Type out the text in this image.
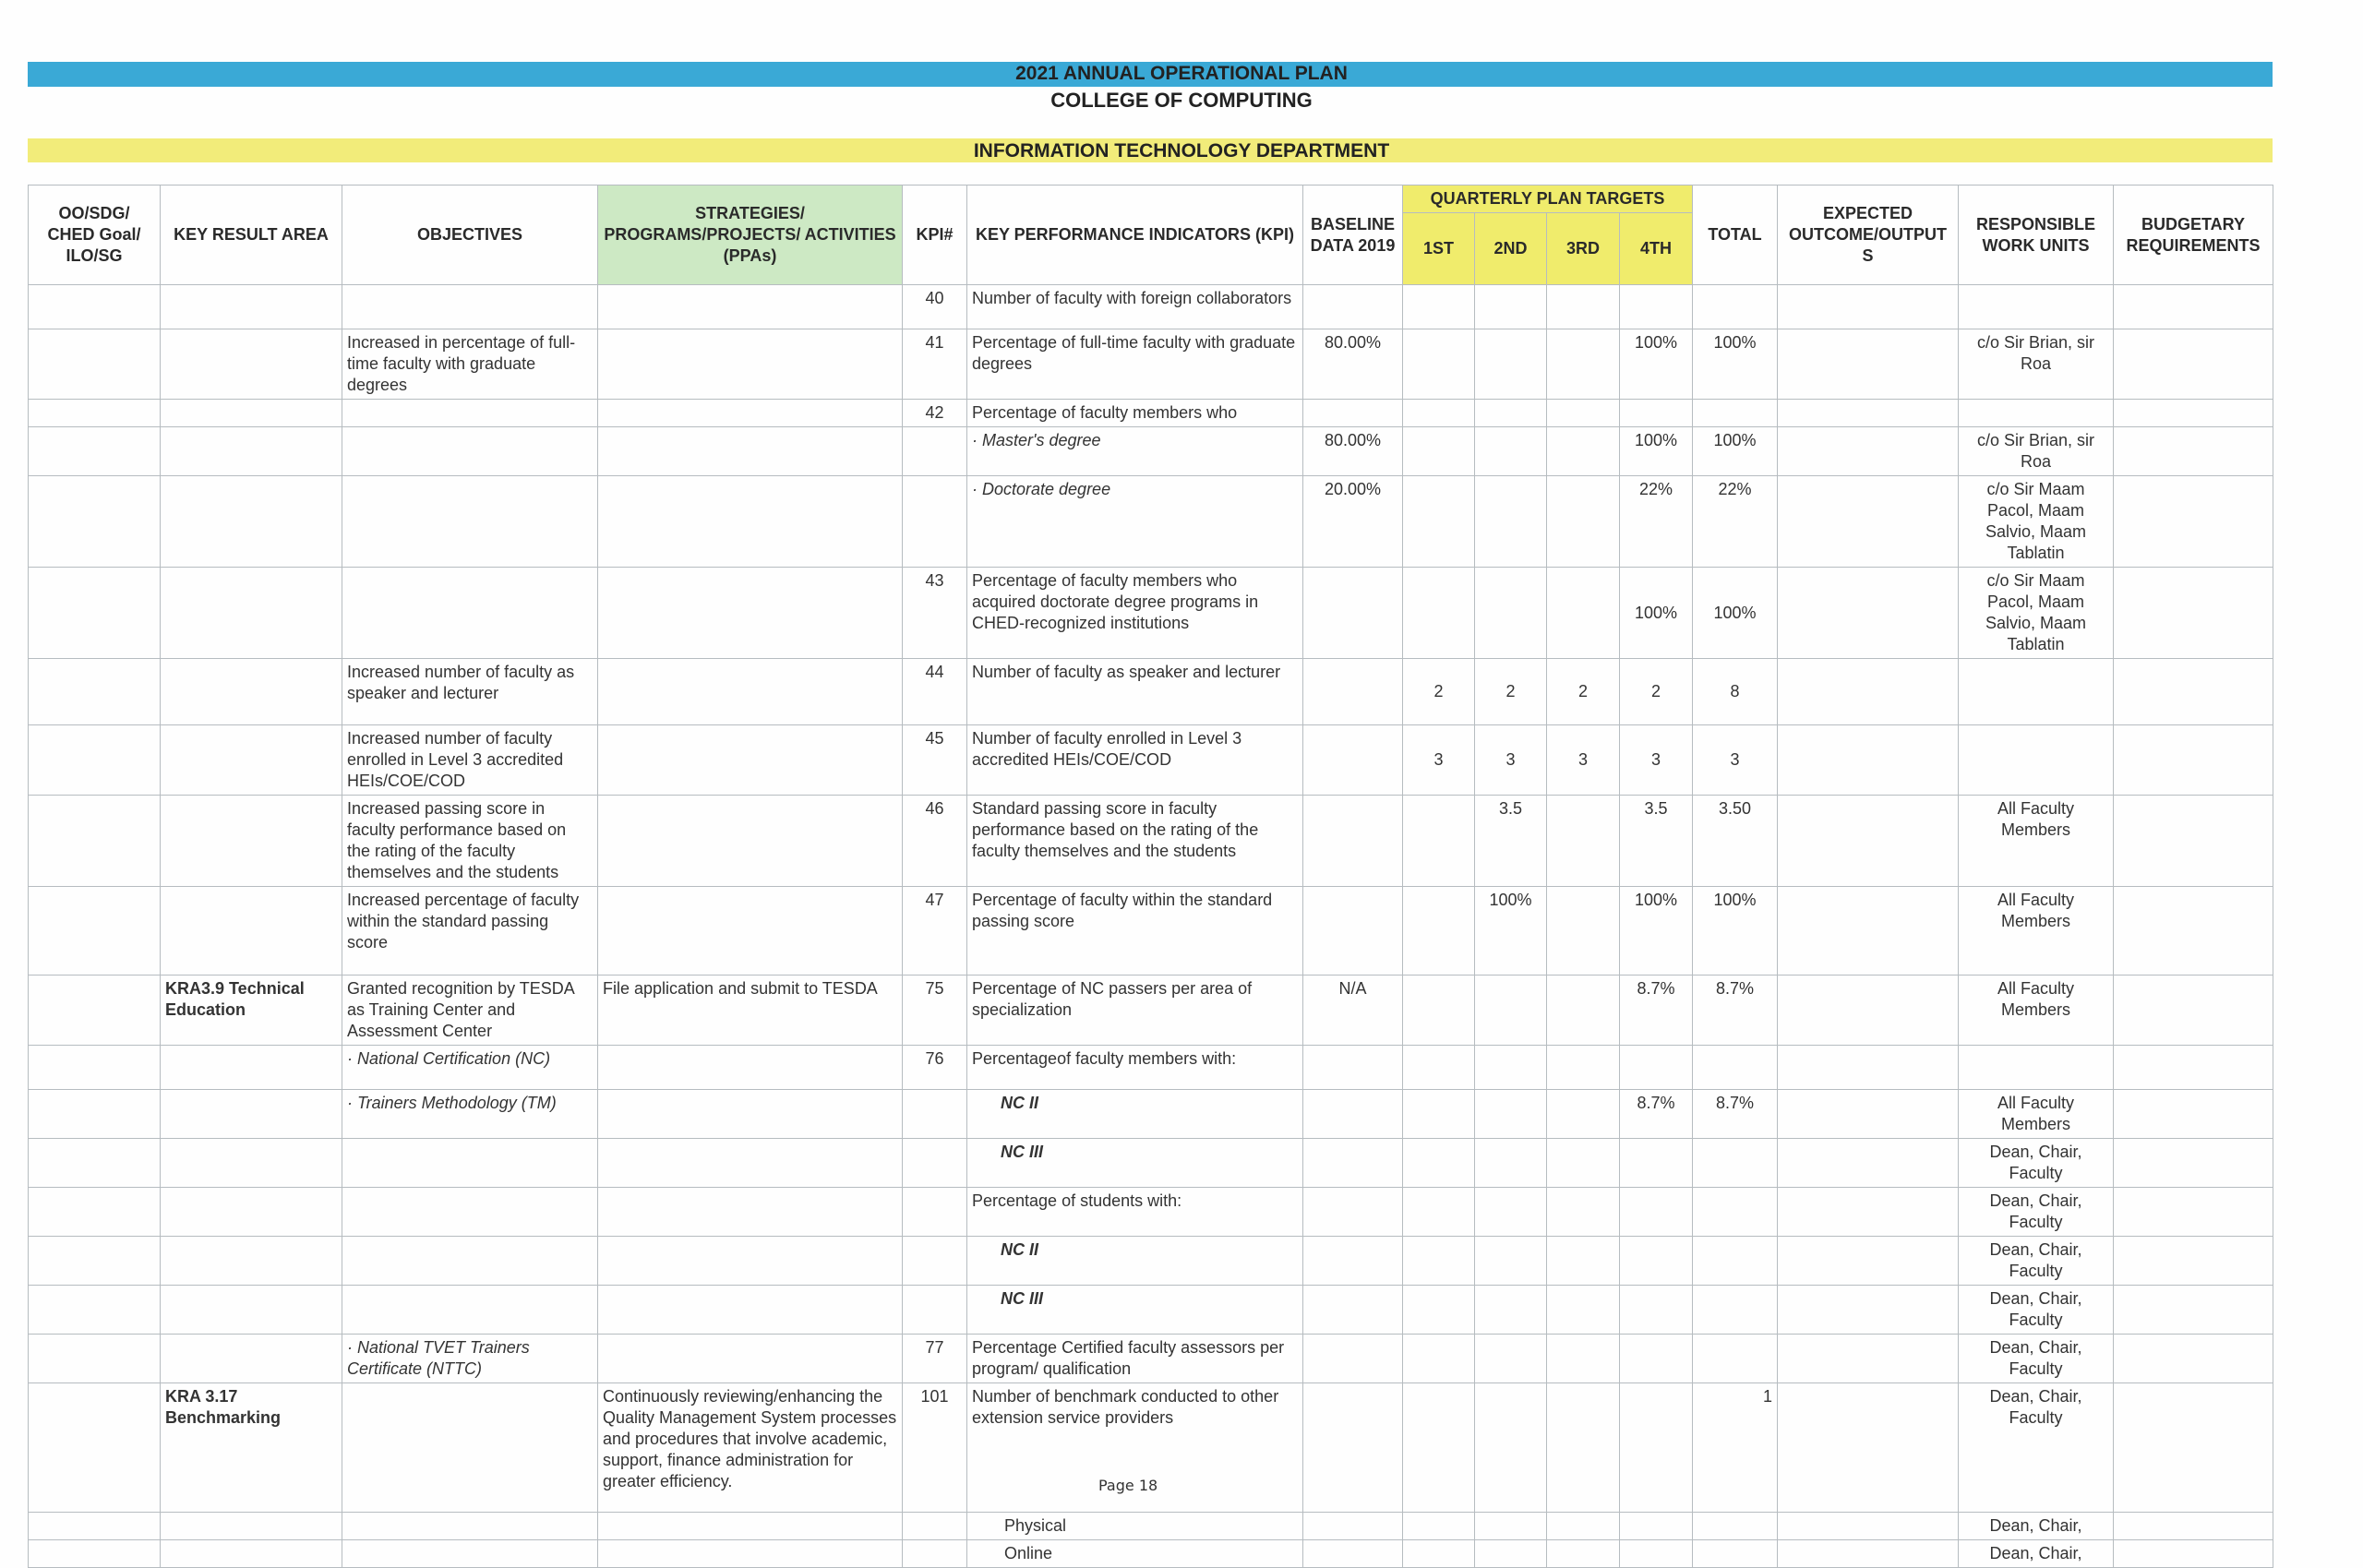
2021 ANNUAL OPERATIONAL PLAN
COLLEGE OF COMPUTING
INFORMATION TECHNOLOGY DEPARTMENT
OO/SDG/ CHED Goal/ ILO/SG	KEY RESULT AREA	OBJECTIVES	STRATEGIES/ PROGRAMS/PROJECTS/ ACTIVITIES (PPAs)	KPI#	KEY PERFORMANCE INDICATORS (KPI)	BASELINE DATA 2019	QUARTERLY PLAN TARGETS				TOTAL	EXPECTED OUTCOME/OUTPUT S	RESPONSIBLE WORK UNITS	BUDGETARY REQUIREMENTS
							1ST	2ND	3RD	4TH				
				40	Number of faculty with foreign collaborators									
		Increased in percentage of full-time faculty with graduate degrees		41	Percentage of full-time faculty with graduate degrees	80.00%				100%	100%		c/o Sir Brian, sir Roa	
				42	Percentage of faculty members who									
					· Master's degree	80.00%				100%	100%		c/o Sir Brian, sir Roa	
					· Doctorate degree	20.00%				22%	22%		c/o Sir Maam Pacol, Maam Salvio, Maam Tablatin	
				43	Percentage of faculty members who acquired doctorate degree programs in CHED-recognized institutions					100%	100%		c/o Sir Maam Pacol, Maam Salvio, Maam Tablatin	
		Increased number of faculty as speaker and lecturer		44	Number of faculty as speaker and lecturer		2	2	2	2	8			
		Increased number of faculty enrolled in Level 3 accredited HEIs/COE/COD		45	Number of faculty enrolled in Level 3 accredited HEIs/COE/COD		3	3	3	3	3			
		Increased passing score in faculty performance based on the rating of the faculty themselves and the students		46	Standard passing score in faculty performance based on the rating of the faculty themselves and the students			3.5		3.5	3.50		All Faculty Members	
		Increased percentage of faculty within the standard passing score		47	Percentage of faculty within the standard passing score			100%		100%	100%		All Faculty Members	
	KRA3.9 Technical Education	Granted recognition by TESDA as Training Center and Assessment Center	File application and submit to TESDA	75	Percentage of NC passers per area of specialization	N/A				8.7%	8.7%		All Faculty Members	
		· National Certification (NC)		76	Percentageof faculty members with:									
		· Trainers Methodology (TM)			NC II					8.7%	8.7%		All Faculty Members	
					NC III								Dean, Chair, Faculty	
					Percentage of students with:								Dean, Chair, Faculty	
					NC II								Dean, Chair, Faculty	
					NC III								Dean, Chair, Faculty	
		· National TVET Trainers Certificate (NTTC)		77	Percentage Certified faculty assessors per program/ qualification								Dean, Chair, Faculty	
	KRA 3.17 Benchmarking		Continuously reviewing/enhancing the Quality Management System processes and procedures that involve academic, support, finance administration for greater efficiency.	101	Number of benchmark conducted to other extension service providers						1		Dean, Chair, Faculty	
					Physical								Dean, Chair,	
					Online								Dean, Chair,	
Page 18
